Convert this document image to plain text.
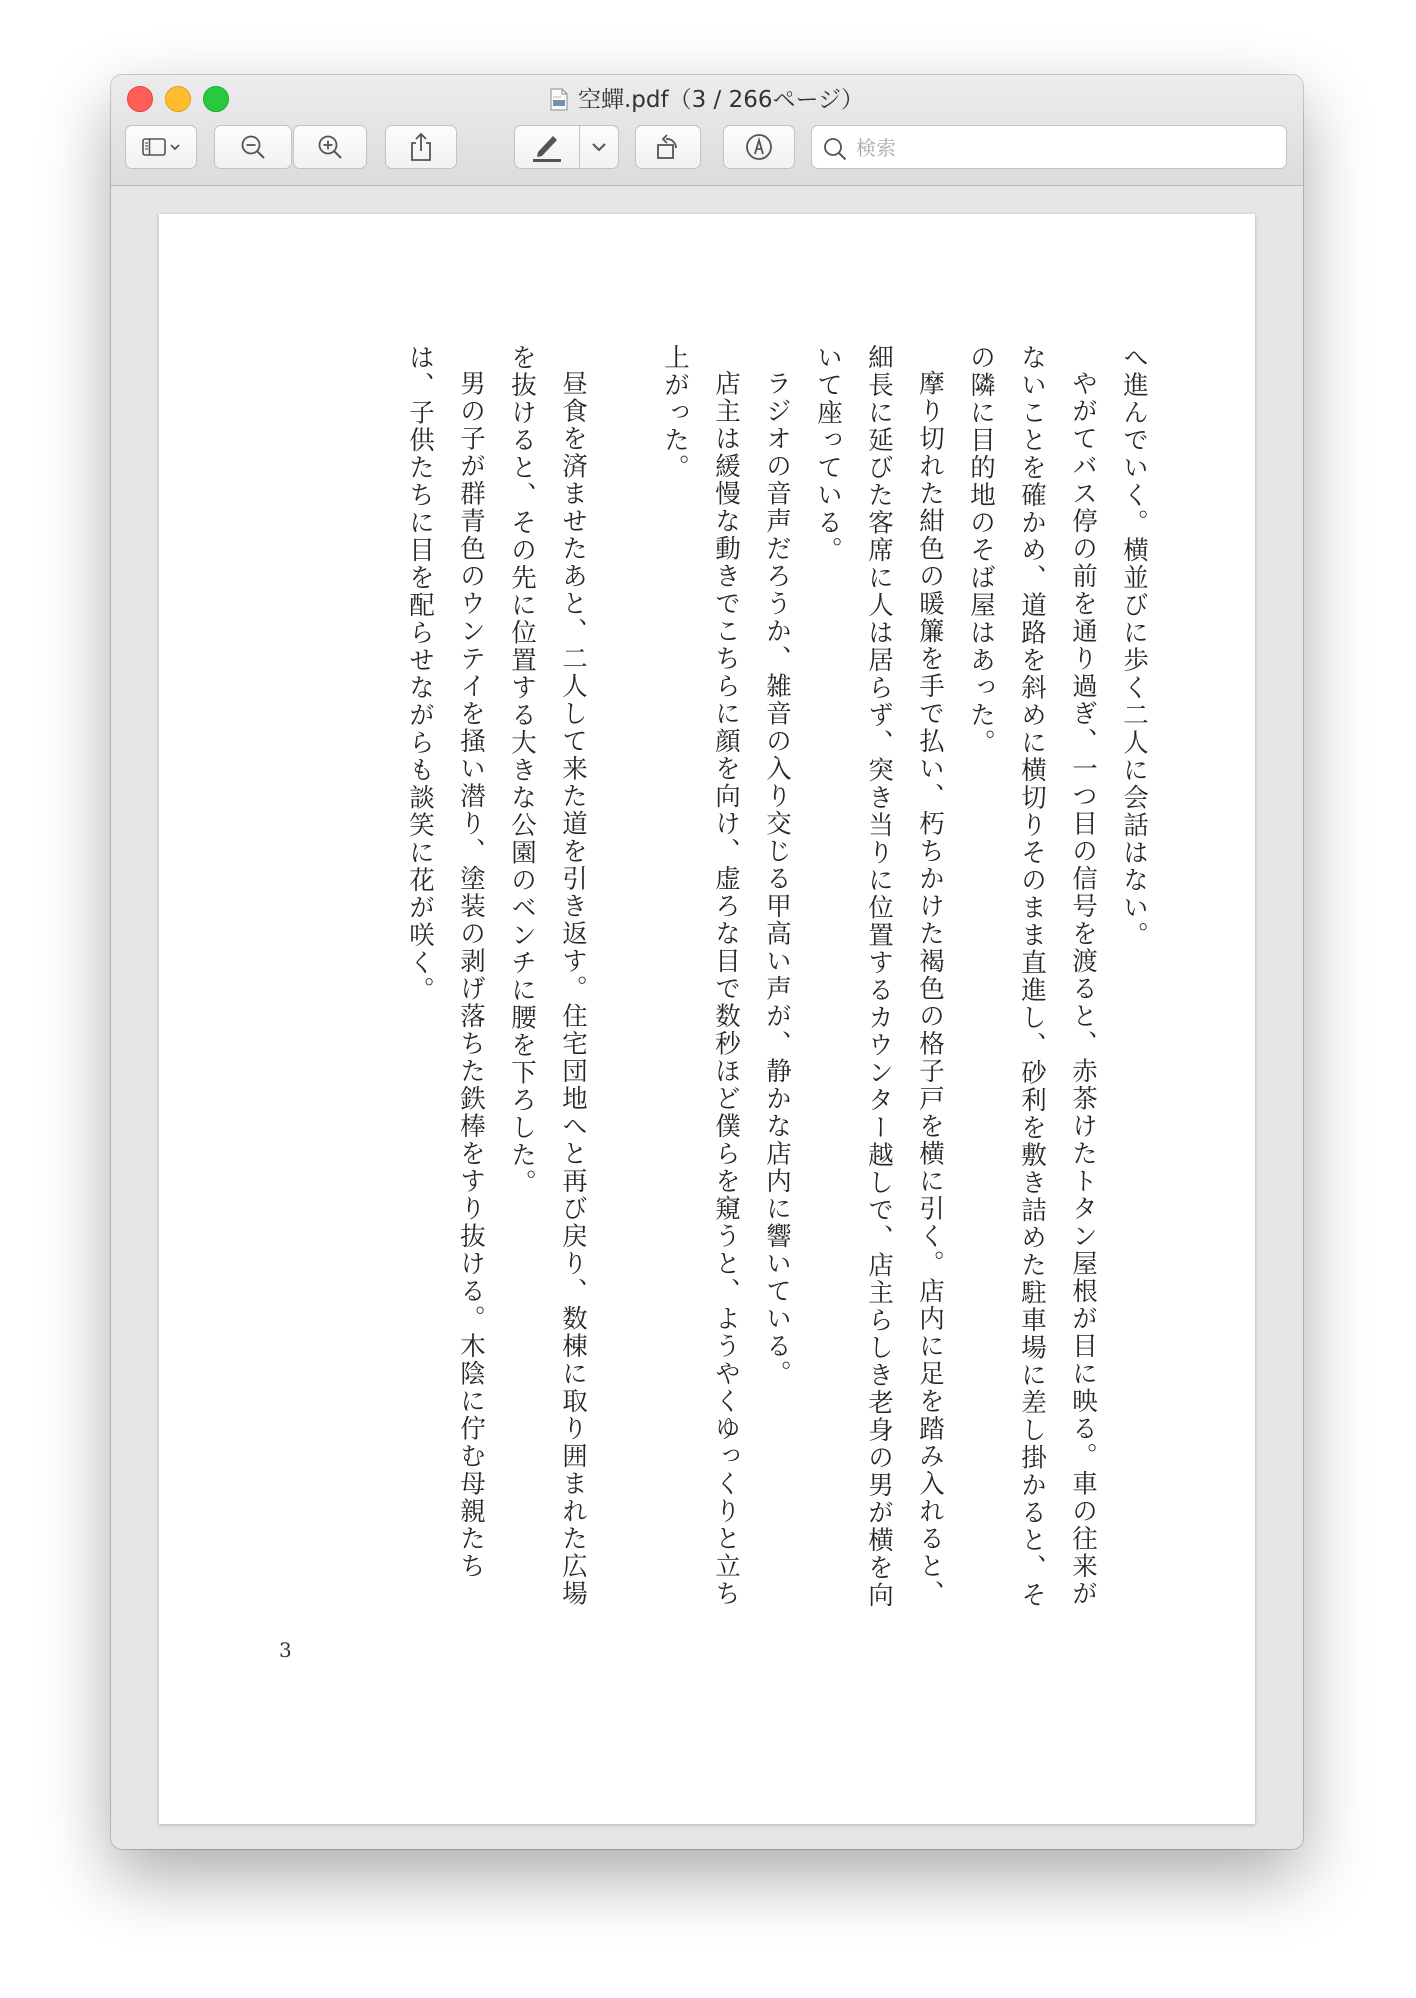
空蟬.pdf（3 / 266ページ）
検索

へ進んでいく。横並びに歩く二人に会話はない。

やがてバス停の前を通り過ぎ、一つ目の信号を渡ると、赤茶けたトタン屋根が目に映る。車の往来がないことを確かめ、道路を斜めに横切りそのまま直進し、砂利を敷き詰めた駐車場に差し掛かると、その隣に目的地のそば屋はあった。

摩り切れた紺色の暖簾を手で払い、朽ちかけた褐色の格子戸を横に引く。店内に足を踏み入れると、細長に延びた客席に人は居らず、突き当りに位置するカウンター越しで、店主らしき老身の男が横を向いて座っている。

ラジオの音声だろうか、雑音の入り交じる甲高い声が、静かな店内に響いている。

店主は緩慢な動きでこちらに顔を向け、虚ろな目で数秒ほど僕らを窺うと、ようやくゆっくりと立ち上がった。

昼食を済ませたあと、二人して来た道を引き返す。住宅団地へと再び戻り、数棟に取り囲まれた広場を抜けると、その先に位置する大きな公園のベンチに腰を下ろした。

男の子が群青色のウンテイを掻い潜り、塗装の剥げ落ちた鉄棒をすり抜ける。木陰に佇む母親たちは、子供たちに目を配らせながらも談笑に花が咲く。

3
